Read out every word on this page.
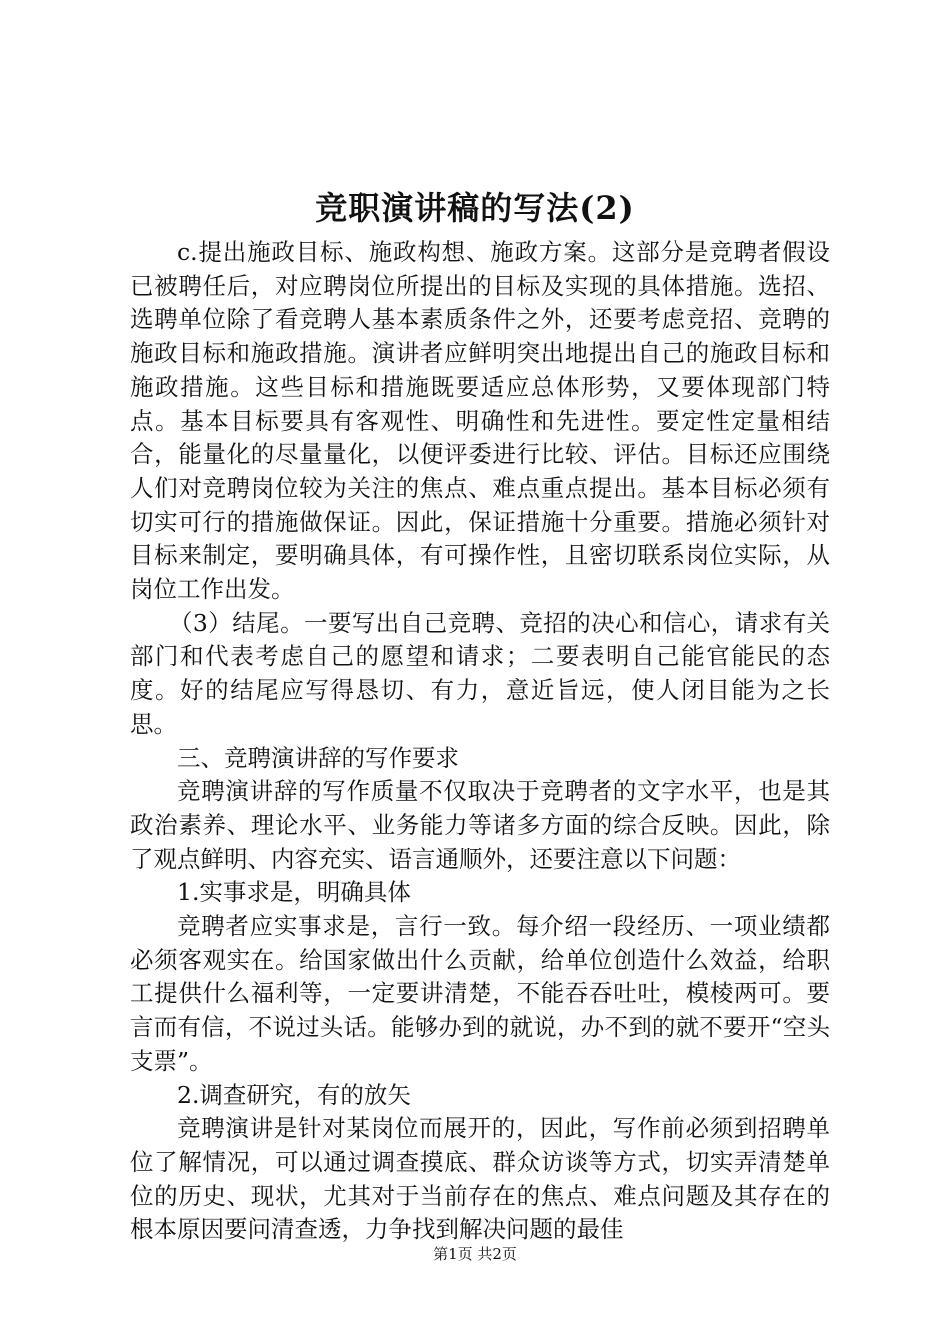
竞职演讲稿的写法(2)

c.提出施政目标、施政构想、施政方案。这部分是竞聘者假设已被聘任后，对应聘岗位所提出的目标及实现的具体措施。选招、选聘单位除了看竞聘人基本素质条件之外，还要考虑竞招、竞聘的施政目标和施政措施。演讲者应鲜明突出地提出自己的施政目标和施政措施。这些目标和措施既要适应总体形势，又要体现部门特点。基本目标要具有客观性、明确性和先进性。要定性定量相结合，能量化的尽量量化，以便评委进行比较、评估。目标还应围绕人们对竞聘岗位较为关注的焦点、难点重点提出。基本目标必须有切实可行的措施做保证。因此，保证措施十分重要。措施必须针对目标来制定，要明确具体，有可操作性，且密切联系岗位实际，从岗位工作出发。

（3）结尾。一要写出自己竞聘、竞招的决心和信心，请求有关部门和代表考虑自己的愿望和请求；二要表明自己能官能民的态度。好的结尾应写得恳切、有力，意近旨远，使人闭目能为之长思。

三、竞聘演讲辞的写作要求

竞聘演讲辞的写作质量不仅取决于竞聘者的文字水平，也是其政治素养、理论水平、业务能力等诸多方面的综合反映。因此，除了观点鲜明、内容充实、语言通顺外，还要注意以下问题：

1.实事求是，明确具体

竞聘者应实事求是，言行一致。每介绍一段经历、一项业绩都必须客观实在。给国家做出什么贡献，给单位创造什么效益，给职工提供什么福利等，一定要讲清楚，不能吞吞吐吐，模棱两可。要言而有信，不说过头话。能够办到的就说，办不到的就不要开“空头支票”。

2.调查研究，有的放矢

竞聘演讲是针对某岗位而展开的，因此，写作前必须到招聘单位了解情况，可以通过调查摸底、群众访谈等方式，切实弄清楚单位的历史、现状，尤其对于当前存在的焦点、难点问题及其存在的根本原因要问清查透，力争找到解决问题的最佳

第1页 共2页
